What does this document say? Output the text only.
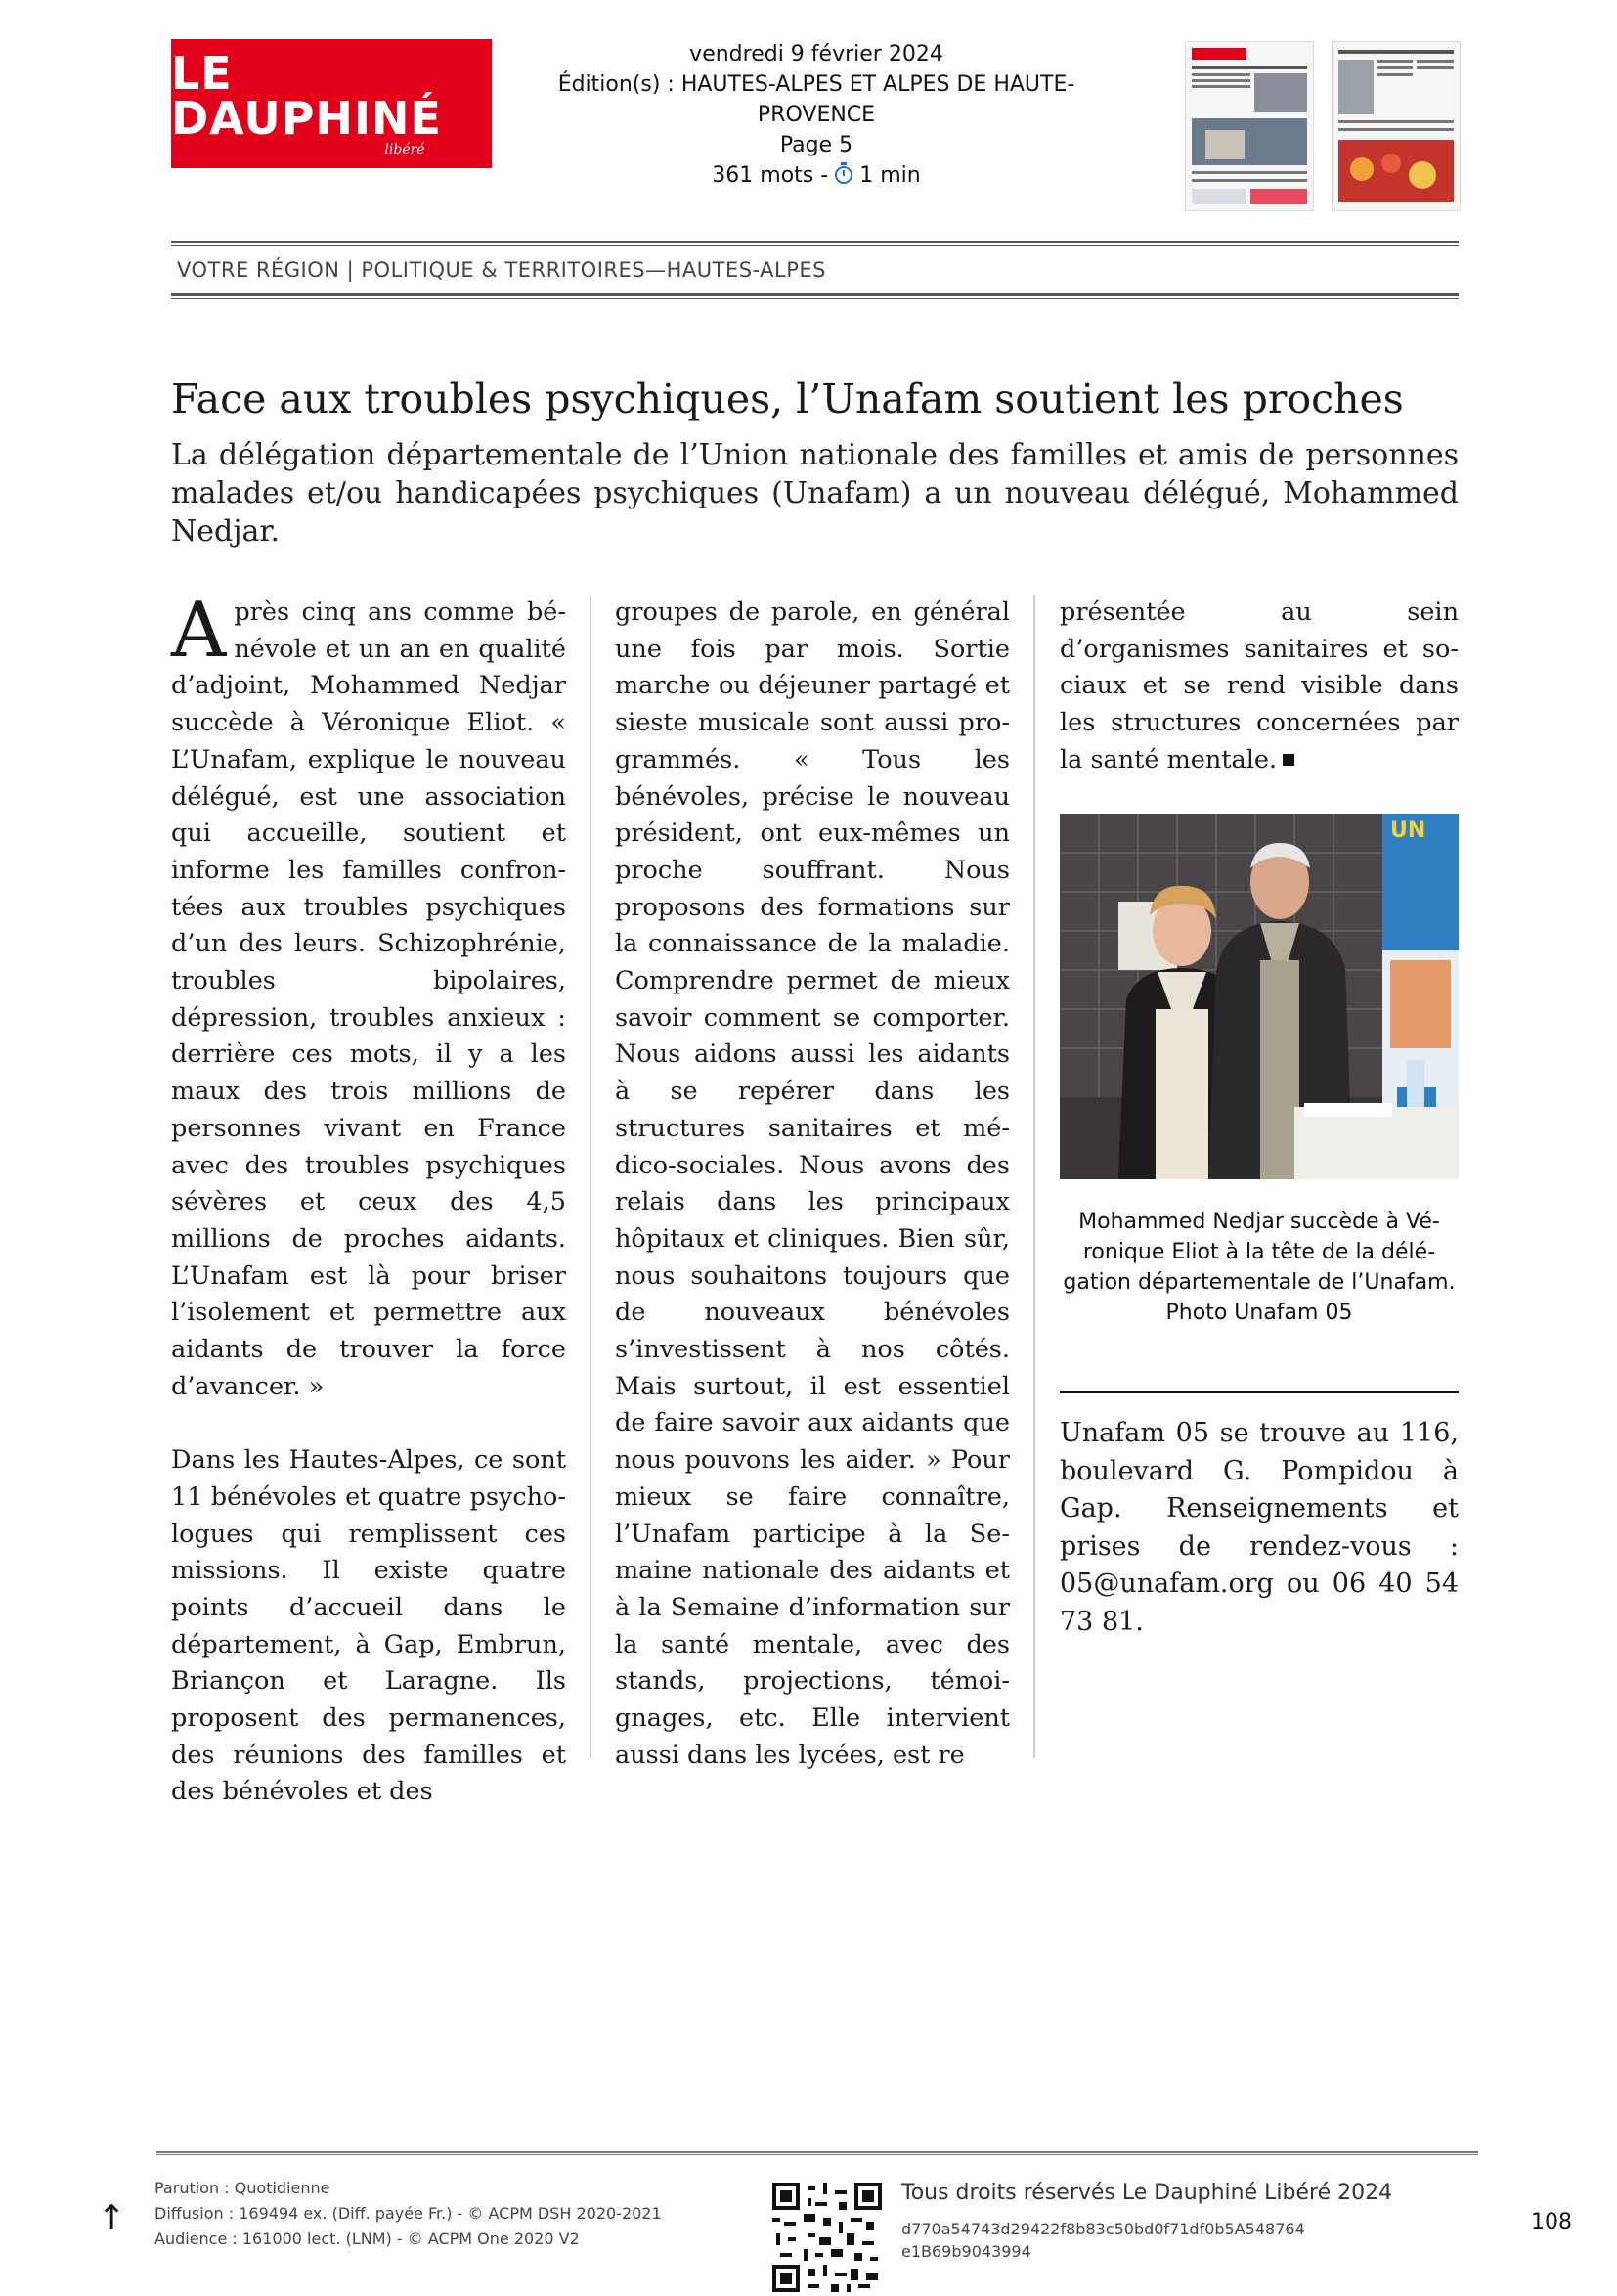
LE DAUPHINÉ
libéré
vendredi 9 février 2024
Édition(s) : HAUTES-ALPES ET ALPES DE HAUTE-
PROVENCE
Page 5
361 mots - 1 min
VOTRE RÉGION | POLITIQUE & TERRITOIRES—HAUTES-ALPES
Face aux troubles psychiques, l’Unafam soutient les proches
La délégation départementale de l’Union nationale des familles et amis de personnes malades et/ou handicapées psychiques (Unafam) a un nouveau délégué, Mohammed Nedjar.

Après cinq ans comme bénévole et un an en qualité d’adjoint, Mohammed Nedjar succède à Véronique Eliot. « L’Unafam, explique le nouveau délégué, est une association qui accueille, soutient et informe les familles confrontées aux troubles psychiques d’un des leurs. Schizophrénie, troubles bipolaires, dépression, troubles anxieux : derrière ces mots, il y a les maux des trois millions de personnes vivant en France avec des troubles psychiques sévères et ceux des 4,5 millions de proches aidants. L’Unafam est là pour briser l’isolement et permettre aux aidants de trouver la force d’avancer. »

Dans les Hautes-Alpes, ce sont 11 bénévoles et quatre psychologues qui remplissent ces missions. Il existe quatre points d’accueil dans le département, à Gap, Embrun, Briançon et Laragne. Ils proposent des permanences, des réunions des familles et des bénévoles et des

groupes de parole, en général une fois par mois. Sortie marche ou déjeuner partagé et sieste musicale sont aussi programmés. « Tous les bénévoles, précise le nouveau président, ont eux-mêmes un proche souffrant. Nous proposons des formations sur la connaissance de la maladie. Comprendre permet de mieux savoir comment se comporter. Nous aidons aussi les aidants à se repérer dans les structures sanitaires et médico-sociales. Nous avons des relais dans les principaux hôpitaux et cliniques. Bien sûr, nous souhaitons toujours que de nouveaux bénévoles s’investissent à nos côtés. Mais surtout, il est essentiel de faire savoir aux aidants que nous pouvons les aider. » Pour mieux se faire connaître, l’Unafam participe à la Semaine nationale des aidants et à la Semaine d’information sur la santé mentale, avec des stands, projections, témoignages, etc. Elle intervient aussi dans les lycées, est re

présentée au sein d’organismes sanitaires et sociaux et se rend visible dans les structures concernées par la santé mentale.

UN
Mohammed Nedjar succède à Véronique Eliot à la tête de la délégation départementale de l’Unafam. Photo Unafam 05
Unafam 05 se trouve au 116, boulevard G. Pompidou à Gap. Renseignements et prises de rendez-vous : 05@unafam.org ou 06 40 54 73 81.
↑
Parution : Quotidienne
Diffusion : 169494 ex. (Diff. payée Fr.) - © ACPM DSH 2020-2021
Audience : 161000 lect. (LNM) - © ACPM One 2020 V2
Tous droits réservés Le Dauphiné Libéré 2024
d770a54743d29422f8b83c50bd0f71df0b5A548764e1B69b9043994
108
